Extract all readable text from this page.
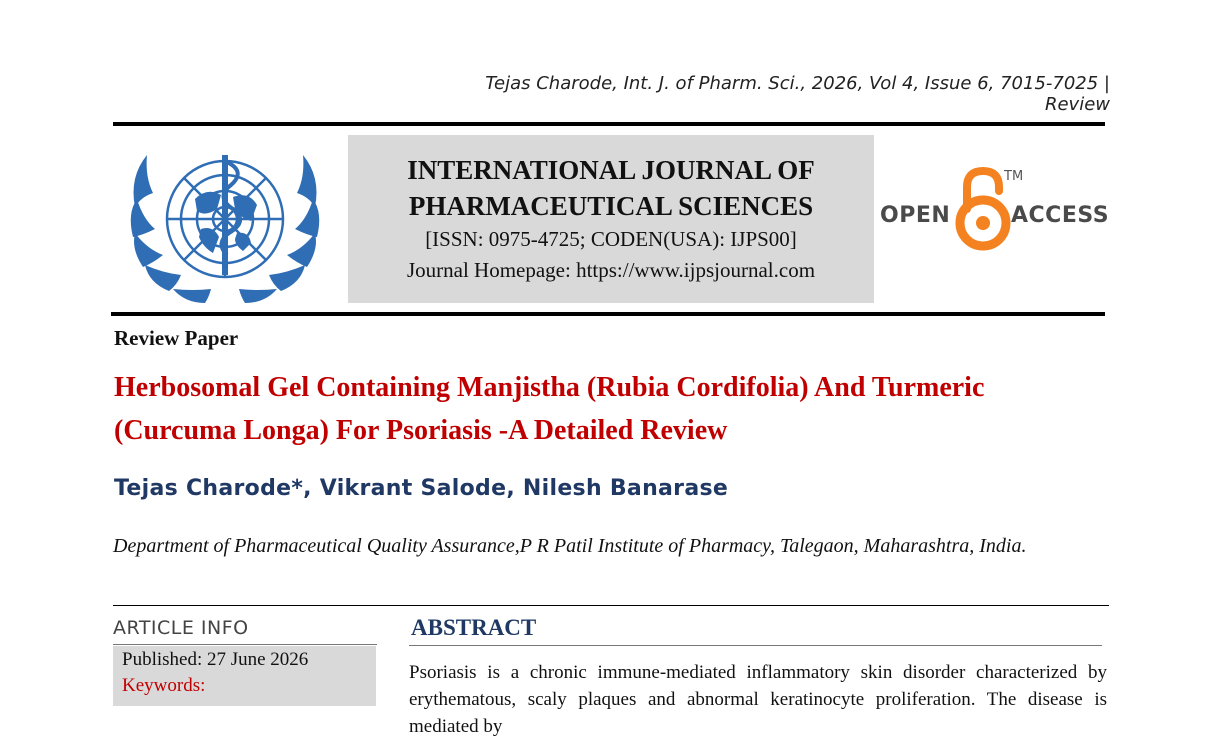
Tejas Charode, Int. J. of Pharm. Sci., 2026, Vol 4, Issue 6, 7015-7025 | Review
INTERNATIONAL JOURNAL OF
PHARMACEUTICAL SCIENCES
[ISSN: 0975-4725; CODEN(USA): IJPS00]
Journal Homepage: https://www.ijpsjournal.com
OPEN
TM
ACCESS
Review Paper
Herbosomal Gel Containing Manjistha (Rubia Cordifolia) And Turmeric (Curcuma Longa) For Psoriasis -A Detailed Review
Tejas Charode*, Vikrant Salode, Nilesh Banarase
Department of Pharmaceutical Quality Assurance,P R Patil Institute of Pharmacy, Talegaon, Maharashtra, India.
ARTICLE INFO
Published: 27 June 2026
Keywords:
ABSTRACT
Psoriasis is a chronic immune-mediated inflammatory skin disorder characterized by erythematous, scaly plaques and abnormal keratinocyte proliferation. The disease is mediated by
